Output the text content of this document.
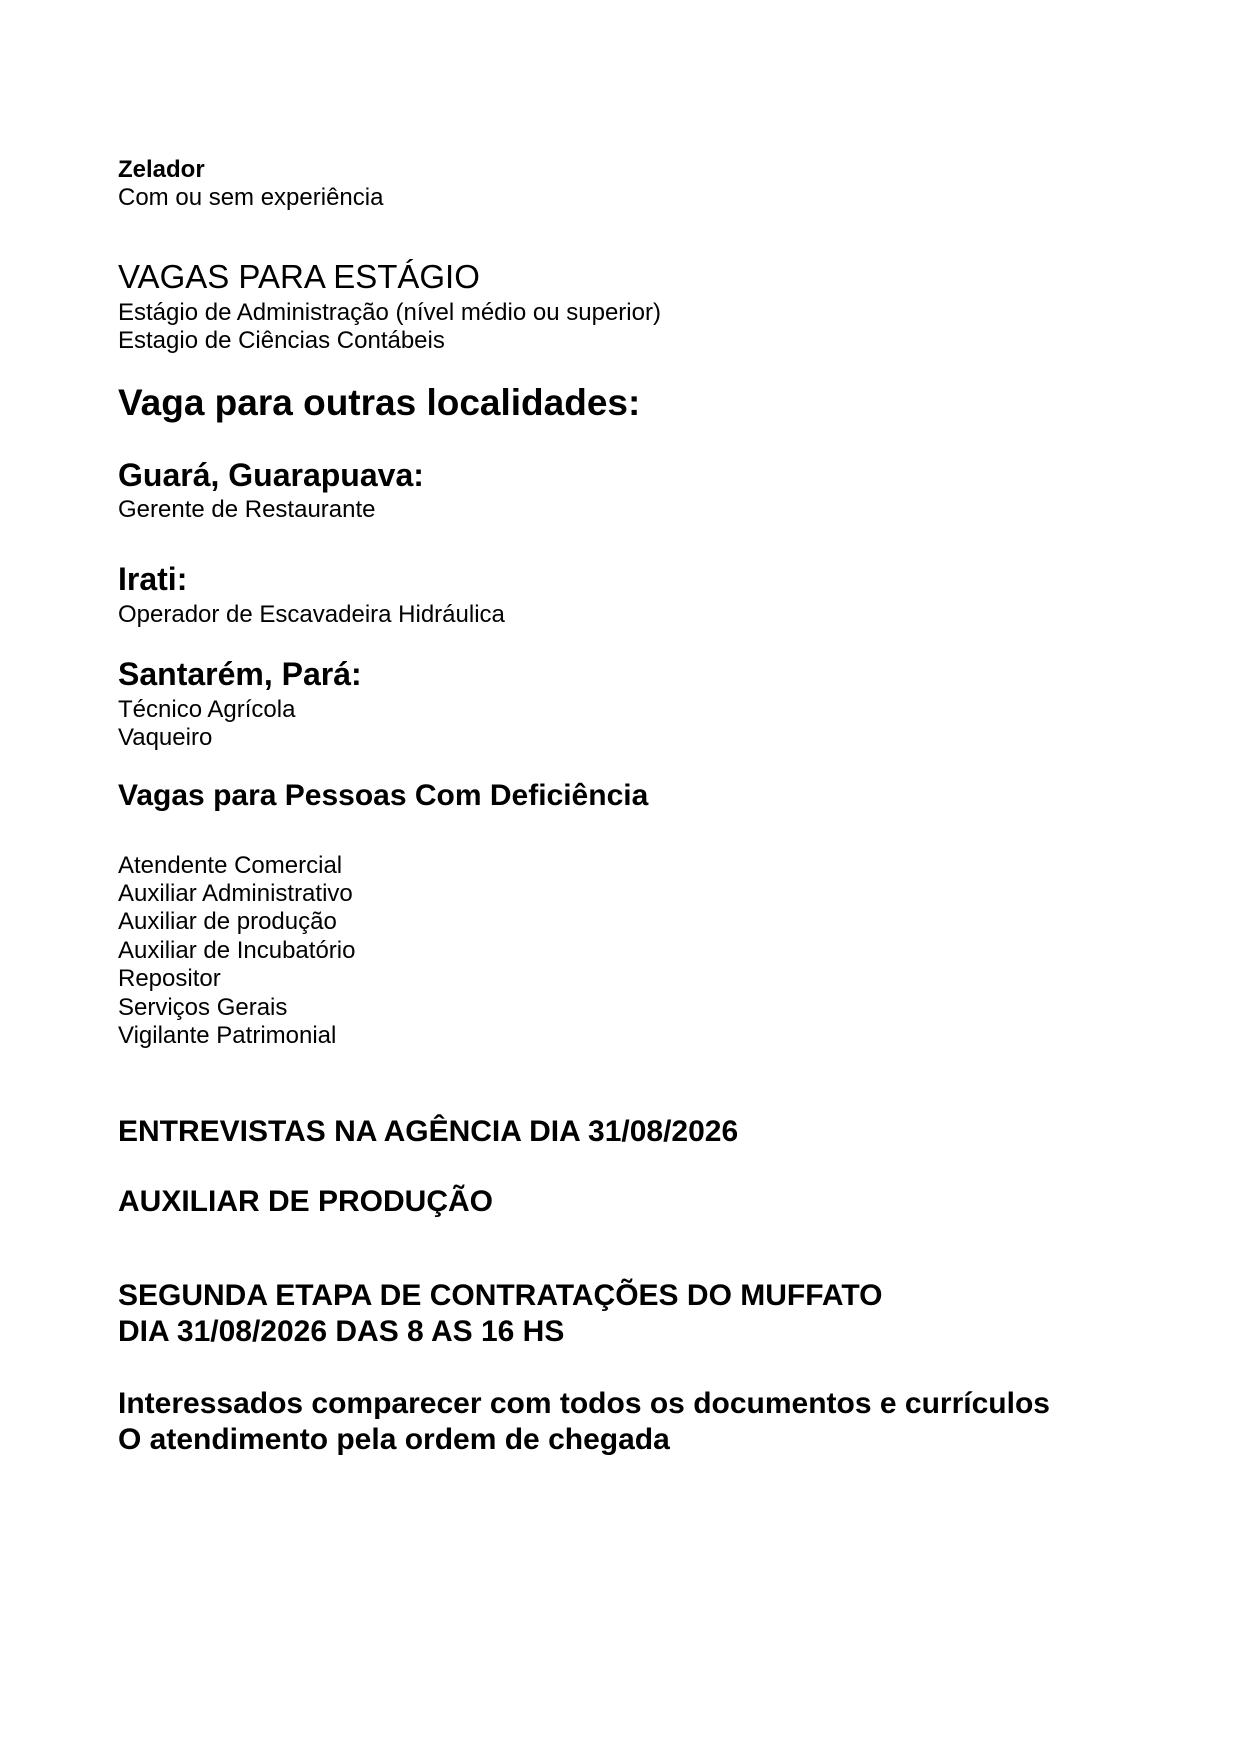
Zelador
Com ou sem experiência
VAGAS PARA ESTÁGIO
Estágio de Administração (nível médio ou superior)
Estagio de Ciências Contábeis
Vaga para outras localidades:
Guará, Guarapuava:
Gerente de Restaurante
Irati:
Operador de Escavadeira Hidráulica
Santarém, Pará:
Técnico Agrícola
Vaqueiro
Vagas para Pessoas Com Deficiência
Atendente Comercial
Auxiliar Administrativo
Auxiliar de produção
Auxiliar de Incubatório
Repositor
Serviços Gerais
Vigilante Patrimonial
ENTREVISTAS NA AGÊNCIA DIA 31/08/2026
AUXILIAR DE PRODUÇÃO
SEGUNDA ETAPA DE CONTRATAÇÕES DO MUFFATO
DIA 31/08/2026 DAS 8 AS 16 HS
Interessados comparecer com todos os documentos e currículos
O atendimento pela ordem de chegada
